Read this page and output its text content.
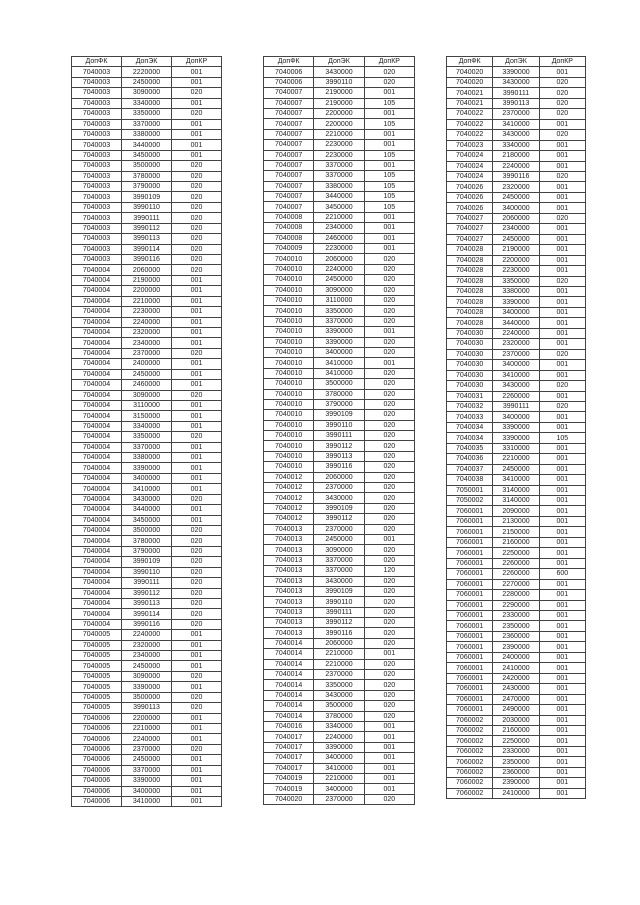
ДопФК	ДопЭК	ДопКР
7040003	2220000	001
7040003	2450000	001
7040003	3090000	020
7040003	3340000	001
7040003	3350000	020
7040003	3370000	001
7040003	3380000	001
7040003	3440000	001
7040003	3450000	001
7040003	3500000	020
7040003	3780000	020
7040003	3790000	020
7040003	3990109	020
7040003	3990110	020
7040003	3990111	020
7040003	3990112	020
7040003	3990113	020
7040003	3990114	020
7040003	3990116	020
7040004	2060000	020
7040004	2190000	001
7040004	2200000	001
7040004	2210000	001
7040004	2230000	001
7040004	2240000	001
7040004	2320000	001
7040004	2340000	001
7040004	2370000	020
7040004	2400000	001
7040004	2450000	001
7040004	2460000	001
7040004	3090000	020
7040004	3110000	001
7040004	3150000	001
7040004	3340000	001
7040004	3350000	020
7040004	3370000	001
7040004	3380000	001
7040004	3390000	001
7040004	3400000	001
7040004	3410000	001
7040004	3430000	020
7040004	3440000	001
7040004	3450000	001
7040004	3500000	020
7040004	3780000	020
7040004	3790000	020
7040004	3990109	020
7040004	3990110	020
7040004	3990111	020
7040004	3990112	020
7040004	3990113	020
7040004	3990114	020
7040004	3990116	020
7040005	2240000	001
7040005	2320000	001
7040005	2340000	001
7040005	2450000	001
7040005	3090000	020
7040005	3390000	001
7040005	3500000	020
7040005	3990113	020
7040006	2200000	001
7040006	2210000	001
7040006	2240000	001
7040006	2370000	020
7040006	2450000	001
7040006	3370000	001
7040006	3390000	001
7040006	3400000	001
7040006	3410000	001
ДопФК	ДопЭК	ДопКР
7040006	3430000	020
7040006	3990110	020
7040007	2190000	001
7040007	2190000	105
7040007	2200000	001
7040007	2200000	105
7040007	2210000	001
7040007	2230000	001
7040007	2230000	105
7040007	3370000	001
7040007	3370000	105
7040007	3380000	105
7040007	3440000	105
7040007	3450000	105
7040008	2210000	001
7040008	2340000	001
7040008	2460000	001
7040009	2230000	001
7040010	2060000	020
7040010	2240000	020
7040010	2450000	020
7040010	3090000	020
7040010	3110000	020
7040010	3350000	020
7040010	3370000	020
7040010	3390000	001
7040010	3390000	020
7040010	3400000	020
7040010	3410000	001
7040010	3410000	020
7040010	3500000	020
7040010	3780000	020
7040010	3790000	020
7040010	3990109	020
7040010	3990110	020
7040010	3990111	020
7040010	3990112	020
7040010	3990113	020
7040010	3990116	020
7040012	2060000	020
7040012	2370000	020
7040012	3430000	020
7040012	3990109	020
7040012	3990112	020
7040013	2370000	020
7040013	2450000	001
7040013	3090000	020
7040013	3370000	020
7040013	3370000	120
7040013	3430000	020
7040013	3990109	020
7040013	3990110	020
7040013	3990111	020
7040013	3990112	020
7040013	3990116	020
7040014	2060000	020
7040014	2210000	001
7040014	2210000	020
7040014	2370000	020
7040014	3350000	020
7040014	3430000	020
7040014	3500000	020
7040014	3780000	020
7040016	3340000	001
7040017	2240000	001
7040017	3390000	001
7040017	3400000	001
7040017	3410000	001
7040019	2210000	001
7040019	3400000	001
7040020	2370000	020
ДопФК	ДопЭК	ДопКР
7040020	3390000	001
7040020	3430000	020
7040021	3990111	020
7040021	3990113	020
7040022	2370000	020
7040022	3410000	001
7040022	3430000	020
7040023	3340000	001
7040024	2180000	001
7040024	2240000	001
7040024	3990116	020
7040026	2320000	001
7040026	2450000	001
7040026	3400000	001
7040027	2060000	020
7040027	2340000	001
7040027	2450000	001
7040028	2190000	001
7040028	2200000	001
7040028	2230000	001
7040028	3350000	020
7040028	3380000	001
7040028	3390000	001
7040028	3400000	001
7040028	3440000	001
7040030	2240000	001
7040030	2320000	001
7040030	2370000	020
7040030	3400000	001
7040030	3410000	001
7040030	3430000	020
7040031	2260000	001
7040032	3990111	020
7040033	3400000	001
7040034	3390000	001
7040034	3390000	105
7040035	3310000	001
7040036	2210000	001
7040037	2450000	001
7040038	3410000	001
7050001	3140000	001
7050002	3140000	001
7060001	2090000	001
7060001	2130000	001
7060001	2150000	001
7060001	2160000	001
7060001	2250000	001
7060001	2260000	001
7060001	2260000	600
7060001	2270000	001
7060001	2280000	001
7060001	2290000	001
7060001	2330000	001
7060001	2350000	001
7060001	2360000	001
7060001	2390000	001
7060001	2400000	001
7060001	2410000	001
7060001	2420000	001
7060001	2430000	001
7060001	2470000	001
7060001	2490000	001
7060002	2030000	001
7060002	2160000	001
7060002	2250000	001
7060002	2330000	001
7060002	2350000	001
7060002	2360000	001
7060002	2390000	001
7060002	2410000	001
